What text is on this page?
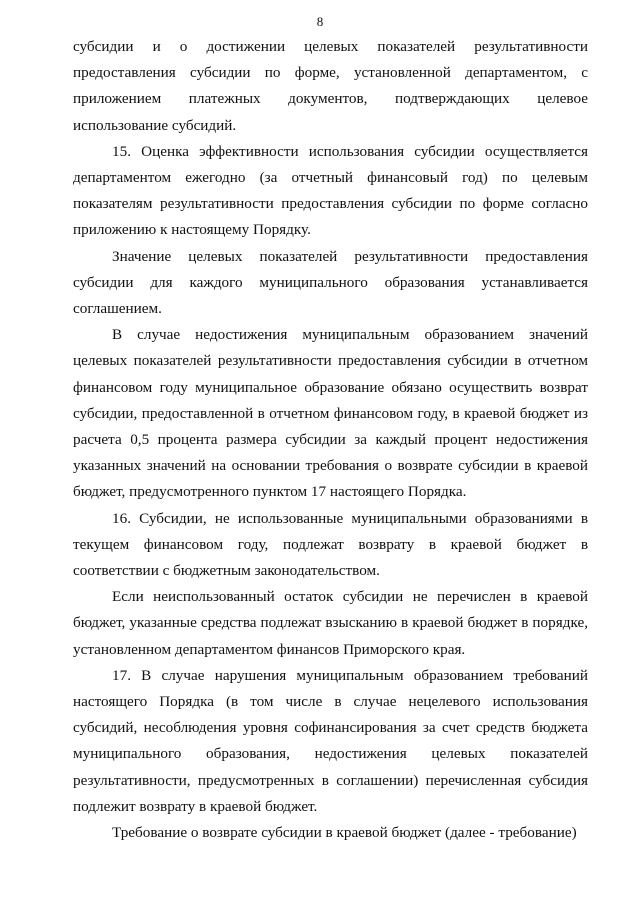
8

субсидии и о достижении целевых показателей результативности предоставления субсидии по форме, установленной департаментом, с приложением платежных документов, подтверждающих целевое использование субсидий.

15. Оценка эффективности использования субсидии осуществляется департаментом ежегодно (за отчетный финансовый год) по целевым показателям результативности предоставления субсидии по форме согласно приложению к настоящему Порядку.

Значение целевых показателей результативности предоставления субсидии для каждого муниципального образования устанавливается соглашением.

В случае недостижения муниципальным образованием значений целевых показателей результативности предоставления субсидии в отчетном финансовом году муниципальное образование обязано осуществить возврат субсидии, предоставленной в отчетном финансовом году, в краевой бюджет из расчета 0,5 процента размера субсидии за каждый процент недостижения указанных значений на основании требования о возврате субсидии в краевой бюджет, предусмотренного пунктом 17 настоящего Порядка.

16. Субсидии, не использованные муниципальными образованиями в текущем финансовом году, подлежат возврату в краевой бюджет в соответствии с бюджетным законодательством.

Если неиспользованный остаток субсидии не перечислен в краевой бюджет, указанные средства подлежат взысканию в краевой бюджет в порядке, установленном департаментом финансов Приморского края.

17. В случае нарушения муниципальным образованием требований настоящего Порядка (в том числе в случае нецелевого использования субсидий, несоблюдения уровня софинансирования за счет средств бюджета муниципального образования, недостижения целевых показателей результативности, предусмотренных в соглашении) перечисленная субсидия подлежит возврату в краевой бюджет.

Требование о возврате субсидии в краевой бюджет (далее - требование)
